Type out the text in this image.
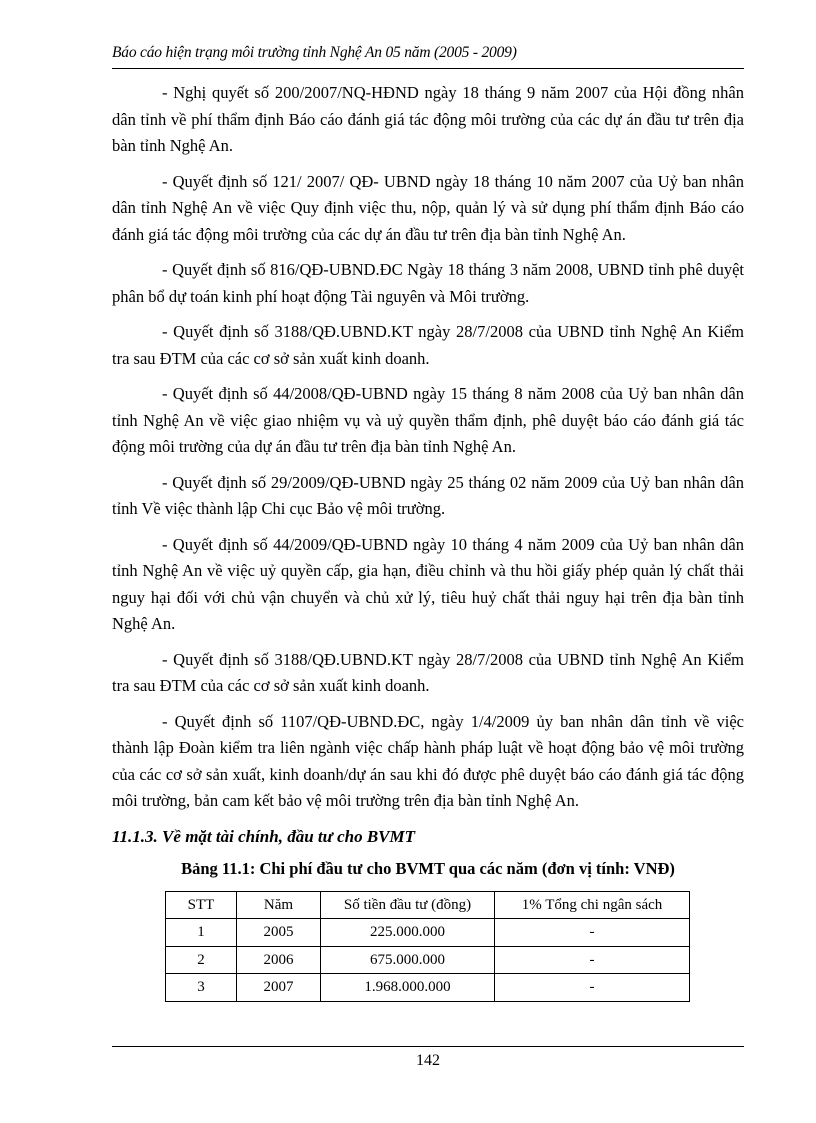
Báo cáo hiện trạng môi trường tỉnh Nghệ An 05 năm (2005 - 2009)

- Nghị quyết số 200/2007/NQ-HĐND ngày 18 tháng 9 năm 2007 của Hội đồng nhân dân tỉnh về phí thẩm định Báo cáo đánh giá tác động môi trường của các dự án đầu tư trên địa bàn tỉnh Nghệ An.

- Quyết định số 121/ 2007/ QĐ- UBND ngày 18 tháng 10 năm 2007 của Uỷ ban nhân dân tỉnh Nghệ An về việc Quy định việc thu, nộp, quản lý và sử dụng phí thẩm định Báo cáo đánh giá tác động môi trường của các dự án đầu tư trên địa bàn tỉnh Nghệ An.

- Quyết định số 816/QĐ-UBND.ĐC Ngày 18 tháng 3 năm 2008, UBND tỉnh phê duyệt phân bổ dự toán kinh phí hoạt động Tài nguyên và Môi trường.

- Quyết định số 3188/QĐ.UBND.KT ngày 28/7/2008 của UBND tỉnh Nghệ An Kiểm tra sau ĐTM của các cơ sở sản xuất kinh doanh.

- Quyết định số 44/2008/QĐ-UBND ngày 15 tháng 8 năm 2008 của Uỷ ban nhân dân tỉnh Nghệ An về việc giao nhiệm vụ và uỷ quyền thẩm định, phê duyệt báo cáo đánh giá tác động môi trường của dự án đầu tư trên địa bàn tỉnh Nghệ An.

- Quyết định số 29/2009/QĐ-UBND ngày 25 tháng 02 năm 2009 của Uỷ ban nhân dân tỉnh Về việc thành lập Chi cục Bảo vệ môi trường.

- Quyết định số 44/2009/QĐ-UBND ngày 10 tháng 4 năm 2009 của Uỷ ban nhân dân tỉnh Nghệ An về việc uỷ quyền cấp, gia hạn, điều chỉnh và thu hồi giấy phép quản lý chất thải nguy hại đối với chủ vận chuyển và chủ xử lý, tiêu huỷ chất thải nguy hại trên địa bàn tỉnh Nghệ An.

- Quyết định số 3188/QĐ.UBND.KT ngày 28/7/2008 của UBND tỉnh Nghệ An Kiểm tra sau ĐTM của các cơ sở sản xuất kinh doanh.

- Quyết định số 1107/QĐ-UBND.ĐC, ngày 1/4/2009 ủy ban nhân dân tỉnh về việc thành lập Đoàn kiểm tra liên ngành việc chấp hành pháp luật về hoạt động bảo vệ môi trường của các cơ sở sản xuất, kinh doanh/dự án sau khi đó được phê duyệt báo cáo đánh giá tác động môi trường, bản cam kết bảo vệ môi trường trên địa bàn tỉnh Nghệ An.

11.1.3. Về mặt tài chính, đầu tư cho BVMT
Bảng 11.1: Chi phí đầu tư cho BVMT qua các năm (đơn vị tính: VNĐ)
STT	Năm	Số tiền đầu tư (đồng)	1% Tổng chi ngân sách
1	2005	225.000.000	-
2	2006	675.000.000	-
3	2007	1.968.000.000	-
142
